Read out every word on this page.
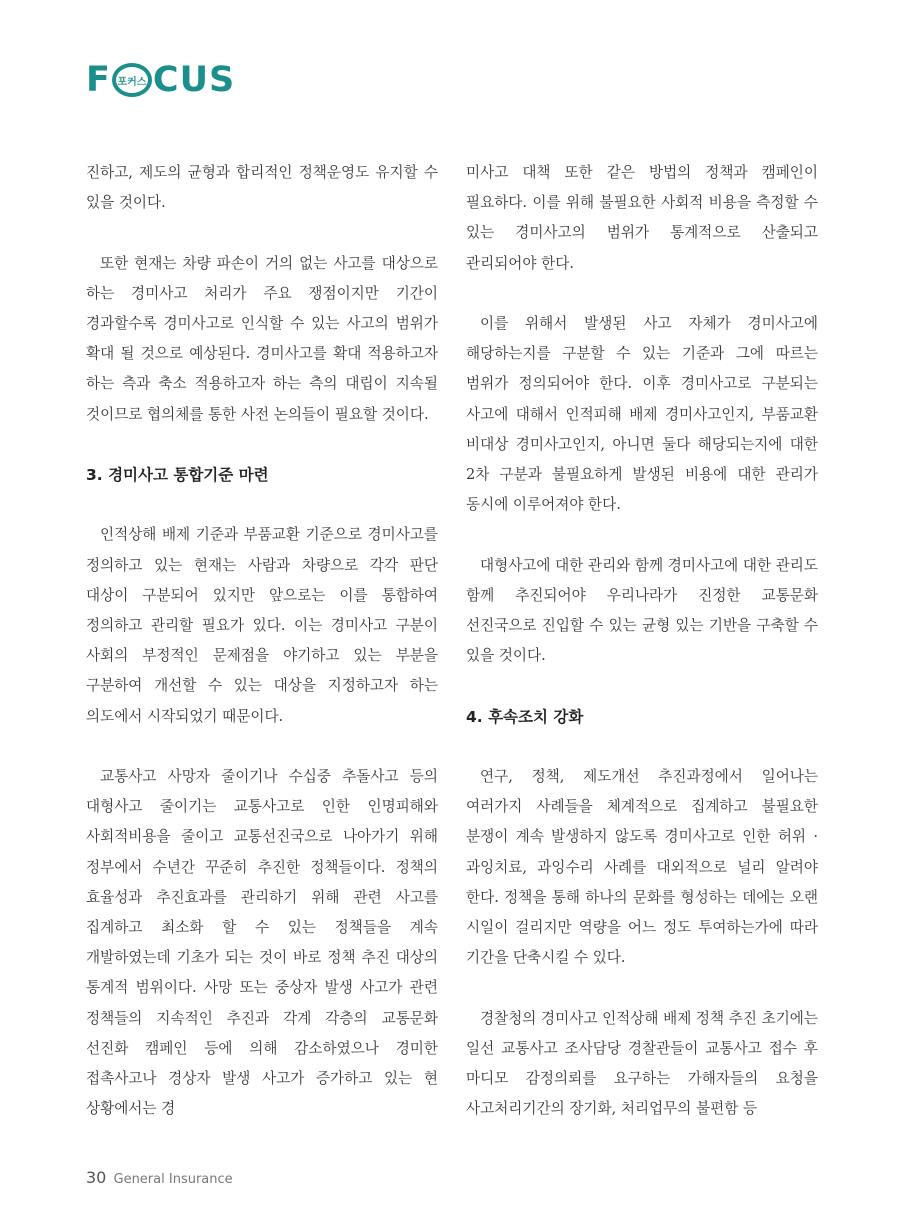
F 포커스 CUS

진하고, 제도의 균형과 합리적인 정책운영도 유지할 수 있을 것이다.

또한 현재는 차량 파손이 거의 없는 사고를 대상으로 하는 경미사고 처리가 주요 쟁점이지만 기간이 경과할수록 경미사고로 인식할 수 있는 사고의 범위가 확대 될 것으로 예상된다. 경미사고를 확대 적용하고자 하는 측과 축소 적용하고자 하는 측의 대립이 지속될 것이므로 협의체를 통한 사전 논의들이 필요할 것이다.

3. 경미사고 통합기준 마련

인적상해 배제 기준과 부품교환 기준으로 경미사고를 정의하고 있는 현재는 사람과 차량으로 각각 판단 대상이 구분되어 있지만 앞으로는 이를 통합하여 정의하고 관리할 필요가 있다. 이는 경미사고 구분이 사회의 부정적인 문제점을 야기하고 있는 부분을 구분하여 개선할 수 있는 대상을 지정하고자 하는 의도에서 시작되었기 때문이다.

교통사고 사망자 줄이기나 수십중 추돌사고 등의 대형사고 줄이기는 교통사고로 인한 인명피해와 사회적비용을 줄이고 교통선진국으로 나아가기 위해 정부에서 수년간 꾸준히 추진한 정책들이다. 정책의 효율성과 추진효과를 관리하기 위해 관련 사고를 집계하고 최소화 할 수 있는 정책들을 계속 개발하였는데 기초가 되는 것이 바로 정책 추진 대상의 통계적 범위이다. 사망 또는 중상자 발생 사고가 관련 정책들의 지속적인 추진과 각계 각층의 교통문화 선진화 캠페인 등에 의해 감소하였으나 경미한 접촉사고나 경상자 발생 사고가 증가하고 있는 현 상황에서는 경

미사고 대책 또한 같은 방법의 정책과 캠페인이 필요하다. 이를 위해 불필요한 사회적 비용을 측정할 수 있는 경미사고의 범위가 통계적으로 산출되고 관리되어야 한다.

이를 위해서 발생된 사고 자체가 경미사고에 해당하는지를 구분할 수 있는 기준과 그에 따르는 범위가 정의되어야 한다. 이후 경미사고로 구분되는 사고에 대해서 인적피해 배제 경미사고인지, 부품교환 비대상 경미사고인지, 아니면 둘다 해당되는지에 대한 2차 구분과 불필요하게 발생된 비용에 대한 관리가 동시에 이루어져야 한다.

대형사고에 대한 관리와 함께 경미사고에 대한 관리도 함께 추진되어야 우리나라가 진정한 교통문화 선진국으로 진입할 수 있는 균형 있는 기반을 구축할 수 있을 것이다.

4. 후속조치 강화

연구, 정책, 제도개선 추진과정에서 일어나는 여러가지 사례들을 체계적으로 집계하고 불필요한 분쟁이 계속 발생하지 않도록 경미사고로 인한 허위 · 과잉치료, 과잉수리 사례를 대외적으로 널리 알려야 한다. 정책을 통해 하나의 문화를 형성하는 데에는 오랜 시일이 걸리지만 역량을 어느 정도 투여하는가에 따라 기간을 단축시킬 수 있다.

경찰청의 경미사고 인적상해 배제 정책 추진 초기에는 일선 교통사고 조사담당 경찰관들이 교통사고 접수 후 마디모 감정의뢰를 요구하는 가해자들의 요청을 사고처리기간의 장기화, 처리업무의 불편함 등

30 General Insurance
